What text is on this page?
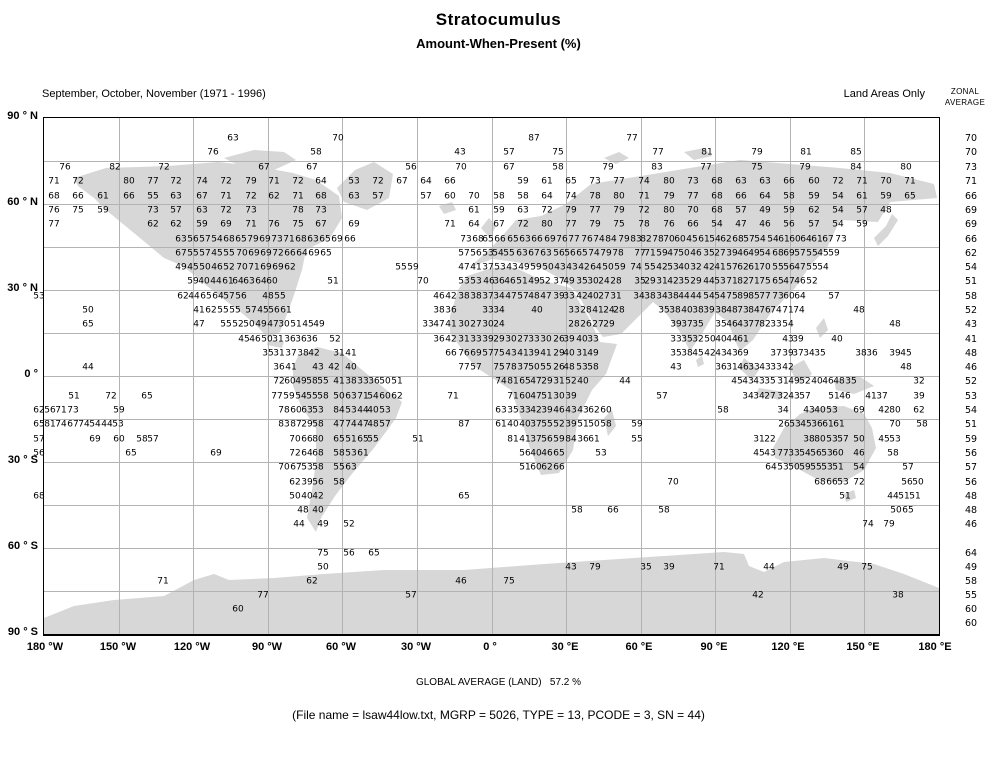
Stratocumulus
Amount-When-Present (%)
September, October, November (1971 - 1996)	Land Areas Only	ZONAL
AVERAGE
63	70	87	77
76	58	43	57	75	77	81	79	81	85
76	82	72	67	67	56	70	67	58	79	83	77	75	79	84	80
71 72	80 77 72 74 72 79 71 72 64 53 72 67 64 66	59 61 65 73 77 74 80 73 68 63 63 66 60 72 71 70 71
68 66 61 66 55 63 67 71 72 62 71 68 63 57	57 60 70 58 58 64 74 78 80 71 79 77 68 66 64 58 59 54 61 59 65
76 75 59	73 57 63 72 73	78 73	61 59 63 72 79 77 79 72 80 70 68 57 49 59 62 54 57 48
77	62 62 59 69 71 76 75 67 69	71 64 67 72 80 77 79 75 78 76 66 54 47 46 56 57 54 59
63 56 57 54 68 65 79 69 73 71 68 63 65 69 66	73 68
65 66 65 63 66 69 76 77 76 74 84 79 83
82 78 70 60 45 61 54 62 68 57 54 54 61 60 64 61 67 73
67 55 57 45 55 70 69 69 72 66 64 69 65	57 56 53
54 55 63 67 63 56 56 65 74 79 78 77
71 59 47 50 46 35 27 39 46 49 54 68 69 57 55 45 59
49 45 50 46 52 70 71 69 69 62	55 59	47 41 37 53 43 49 59 50 43 43 42 64 50 59 74 55 42 53 40 32 42 41 57 62 61 70 55 56 47 55 54
59 40 44 61
64 63 64 60	51	70	53 53 46
36 46 51 49 52 37
49 35 30 24 28 35
29 31 42 35 29 44 53 71 82 71 75 65 47 46 52
53	62 44 65 64 57 56 48 55	46 42 38 38 37 34 47 57 48 47 39
33 42 40 27 31 34 38 34 38 44 44 54 54 75 89 85 77 73 60 64	57
50	41 62 55 55 57 45 56 61	38 36	33 34	40	33 28 41 24
28	35 38 40 38 39 38 48 73 84 76 74 71 74	48
65	47 55 52 50 49 47 30 51 45 49	33 47 41 30 27 30 24	28 26 27 29	39 37 35 35 46 43 77 82 33 54	48
45 46 50 31 36 36 36 52	36 42 31 33 39 29 30 27 33 30 26
39 40 33	33 35 32 50 40 44 61	43
39	40
35 31 37 38 42 31 41	66 76 69 57 75 43 41 39 41 29
40 31 49	35 38 45 42 43 43 69 37 39
37 34 35	38 36 39 45
44	36 41 43 42 40	77 57 75 78 37 50 55 26
48 53 58	43	36 31 46 33 43 33 42	48
72 60 49 58 55 41 38 33 36 50 51	74 81 65 47 29 31 52 40	44	45 43 43 35 31 49 52 40 46 48 35	32
51	72	65	77 59 54 55 58 50 63 71
54 60 62	71	71 60 47 51 30 39	57	34 34 27 32 43 57 51 46 41 37	39
62 56 71 73	59	78 60 63 53 84 53 44
40 53	63 35 33 42 39 46 43 43 62 60	58	34 43 40 53 69 42 80 62
65 81 74 67 74 54 44 53	83 87 29 58 47 74 47
48 57	87	61 40 40 37 55 52 39 51 50 58 59	26 53 45 36 61 61	70 58
57	69 60 58 57	70 66 80 65 51 65
55	51	81 41 37 56 59 84 36 61	55	31 22	38 80 53 57 50 45 53
56	65	69	72 64 68 58 53 61	56 40 46 65	53	45 43 77 33 54 56 53 60 46	58
70 67 53 58 55 63	51 60 62 66	64 53 50 59 55 53 51 54	57
62 39 56 58	70	68 66 53 72	56 50
68	50 40 42	65	51	44 51 51
48 40	58	66	58	50 65
44 49 52	74 79
75 56 65
50	43 79	35 39	71	44	49 75
71	62	46	75
77	57	42	38
60
90 ° N
60 ° N
30 ° N
0 °
30 ° S
60 ° S
90 ° S
180 °W	150 °W	120 °W	90 °W	60 °W	30 °W	0 °	30 °E	60 °E	90 °E	120 °E	150 °E	180 °E
70
70
73
71
66
69
69
66
62
54
51
58
52
43
41
48
46
52
53
54
51
59
56
57
56
48
48
46
64
49
58
55
60
60
GLOBAL AVERAGE (LAND)   57.2 %
(File name = lsaw44low.txt, MGRP = 5026, TYPE = 13, PCODE = 3, SN = 44)
